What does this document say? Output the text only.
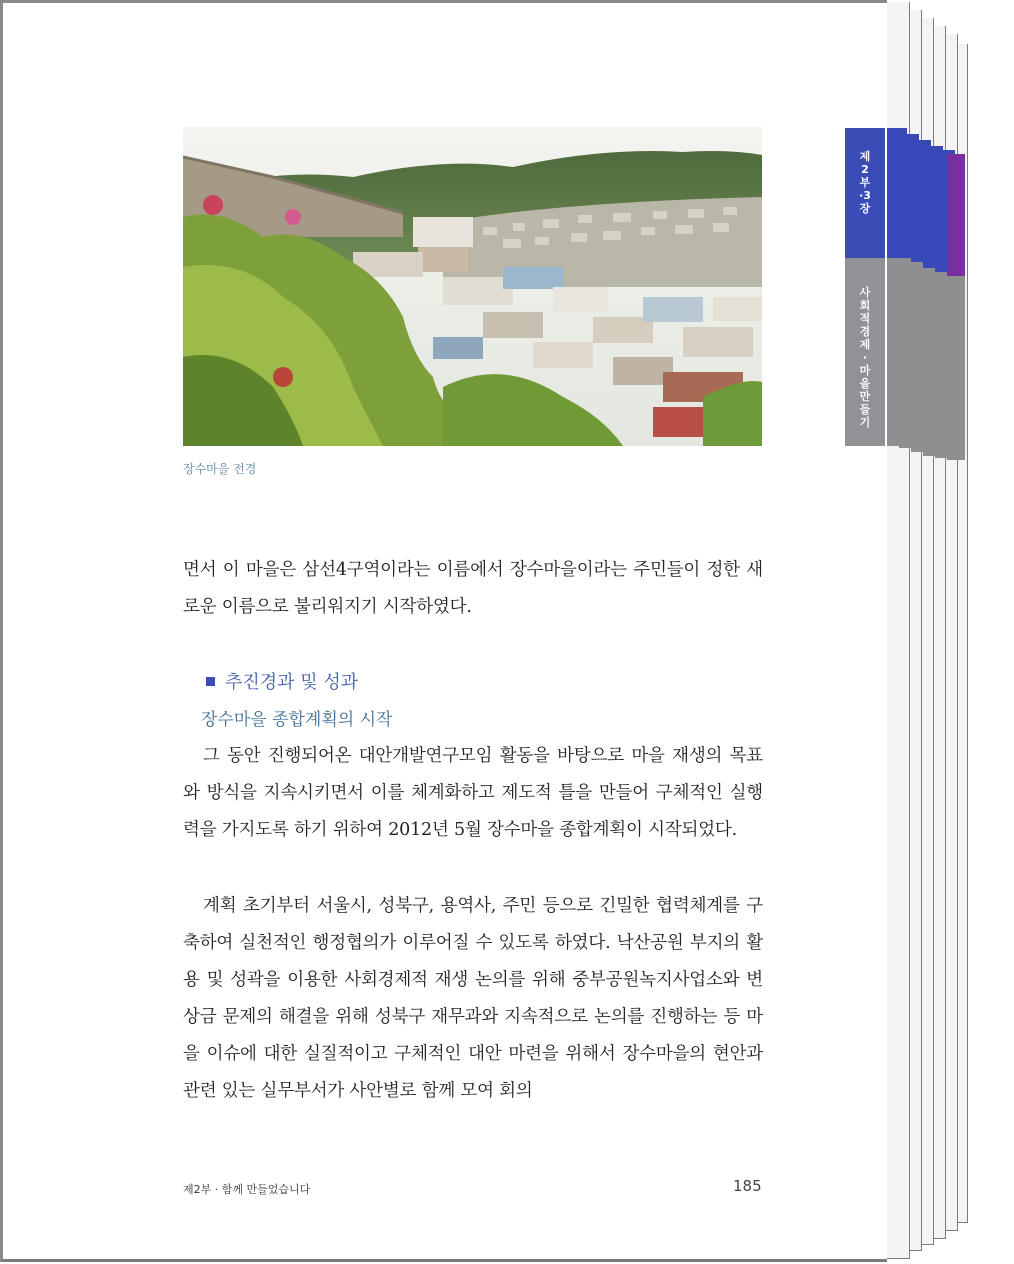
제2부·3장
사회적경제·마을만들기
장수마을 전경
면서 이 마을은 삼선4구역이라는 이름에서 장수마을이라는 주민들이 정한 새로운 이름으로 불리워지기 시작하였다.
추진경과 및 성과
장수마을 종합계획의 시작
그 동안 진행되어온 대안개발연구모임 활동을 바탕으로 마을 재생의 목표와 방식을 지속시키면서 이를 체계화하고 제도적 틀을 만들어 구체적인 실행력을 가지도록 하기 위하여 2012년 5월 장수마을 종합계획이 시작되었다.
계획 초기부터 서울시, 성북구, 용역사, 주민 등으로 긴밀한 협력체계를 구축하여 실천적인 행정협의가 이루어질 수 있도록 하였다. 낙산공원 부지의 활용 및 성곽을 이용한 사회경제적 재생 논의를 위해 중부공원녹지사업소와 변상금 문제의 해결을 위해 성북구 재무과와 지속적으로 논의를 진행하는 등 마을 이슈에 대한 실질적이고 구체적인 대안 마련을 위해서 장수마을의 현안과 관련 있는 실무부서가 사안별로 함께 모여 회의
제2부 · 함께 만들었습니다	185
